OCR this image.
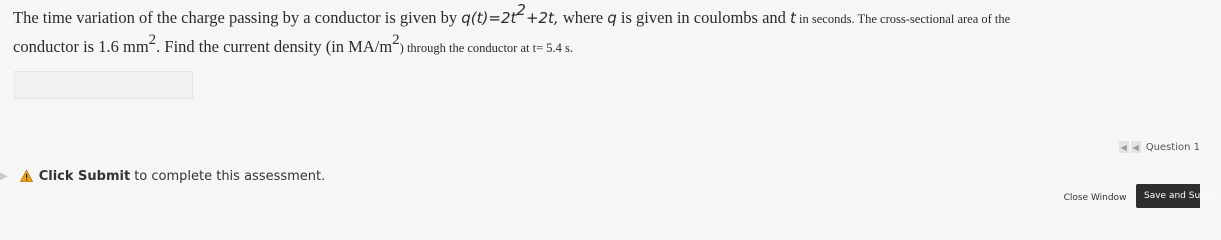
The time variation of the charge passing by a conductor is given by $q(t)=2t^2+2t$, where q is given in coulombs and t in seconds. The cross-sectional area of the
conductor is 1.6 $mm^2$. Find the current density (in $MA/m^2$) through the conductor at t= 5.4 s.
▶ Click Submit to complete this assessment.
◀ ◀ Question 1
Close Window	Save and Submit
